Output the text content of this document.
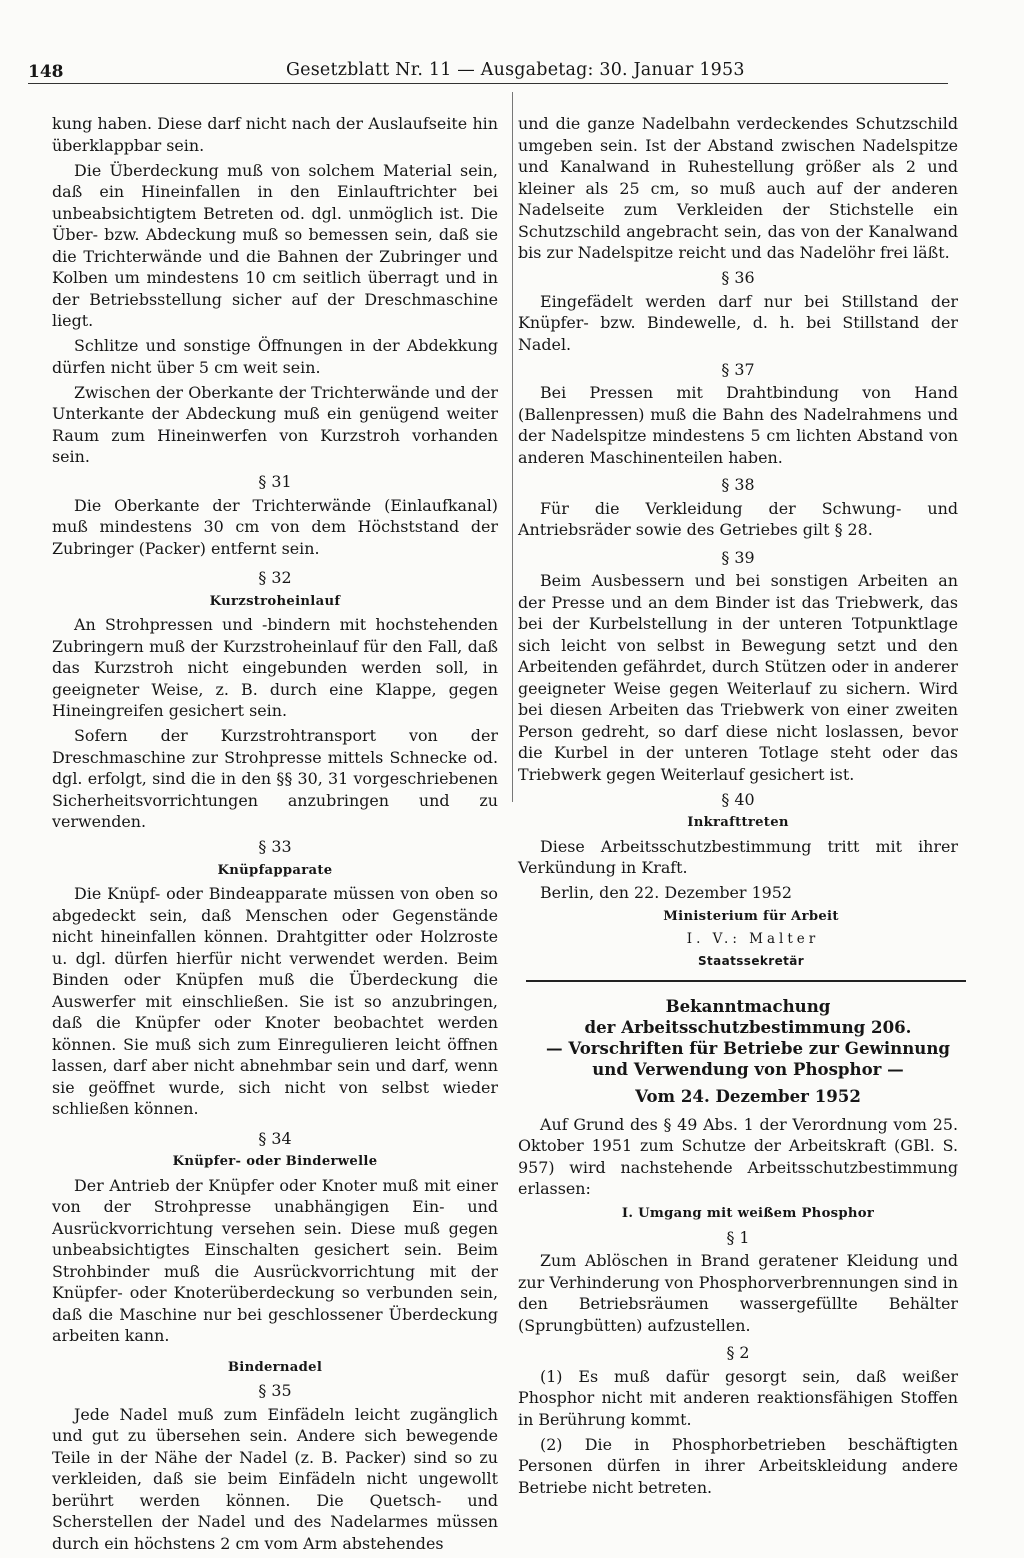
148	Gesetzblatt Nr. 11 — Ausgabetag: 30. Januar 1953

kung haben. Diese darf nicht nach der Auslaufseite hin überklappbar sein.

Die Überdeckung muß von solchem Material sein, daß ein Hineinfallen in den Einlauftrichter bei unbeabsichtigtem Betreten od. dgl. unmöglich ist. Die Über- bzw. Abdeckung muß so bemessen sein, daß sie die Trichterwände und die Bahnen der Zubringer und Kolben um mindestens 10 cm seitlich überragt und in der Betriebsstellung sicher auf der Dreschmaschine liegt.

Schlitze und sonstige Öffnungen in der Abdekkung dürfen nicht über 5 cm weit sein.

Zwischen der Oberkante der Trichterwände und der Unterkante der Abdeckung muß ein genügend weiter Raum zum Hineinwerfen von Kurzstroh vorhanden sein.

§ 31

Die Oberkante der Trichterwände (Einlaufkanal) muß mindestens 30 cm von dem Höchststand der Zubringer (Packer) entfernt sein.

§ 32
Kurzstroheinlauf

An Strohpressen und -bindern mit hochstehenden Zubringern muß der Kurzstroheinlauf für den Fall, daß das Kurzstroh nicht eingebunden werden soll, in geeigneter Weise, z. B. durch eine Klappe, gegen Hineingreifen gesichert sein.

Sofern der Kurzstrohtransport von der Dreschmaschine zur Strohpresse mittels Schnecke od. dgl. erfolgt, sind die in den §§ 30, 31 vorgeschriebenen Sicherheitsvorrichtungen anzubringen und zu verwenden.

§ 33
Knüpfapparate

Die Knüpf- oder Bindeapparate müssen von oben so abgedeckt sein, daß Menschen oder Gegenstände nicht hineinfallen können. Drahtgitter oder Holzroste u. dgl. dürfen hierfür nicht verwendet werden. Beim Binden oder Knüpfen muß die Überdeckung die Auswerfer mit einschließen. Sie ist so anzubringen, daß die Knüpfer oder Knoter beobachtet werden können. Sie muß sich zum Einregulieren leicht öffnen lassen, darf aber nicht abnehmbar sein und darf, wenn sie geöffnet wurde, sich nicht von selbst wieder schließen können.

§ 34
Knüpfer- oder Binderwelle

Der Antrieb der Knüpfer oder Knoter muß mit einer von der Strohpresse unabhängigen Ein- und Ausrückvorrichtung versehen sein. Diese muß gegen unbeabsichtigtes Einschalten gesichert sein. Beim Strohbinder muß die Ausrückvorrichtung mit der Knüpfer- oder Knoterüberdeckung so verbunden sein, daß die Maschine nur bei geschlossener Überdeckung arbeiten kann.

Bindernadel
§ 35

Jede Nadel muß zum Einfädeln leicht zugänglich und gut zu übersehen sein. Andere sich bewegende Teile in der Nähe der Nadel (z. B. Packer) sind so zu verkleiden, daß sie beim Einfädeln nicht ungewollt berührt werden können. Die Quetsch- und Scherstellen der Nadel und des Nadelarmes müssen durch ein höchstens 2 cm vom Arm abstehendes

und die ganze Nadelbahn verdeckendes Schutzschild umgeben sein. Ist der Abstand zwischen Nadelspitze und Kanalwand in Ruhestellung größer als 2 und kleiner als 25 cm, so muß auch auf der anderen Nadelseite zum Verkleiden der Stichstelle ein Schutzschild angebracht sein, das von der Kanalwand bis zur Nadelspitze reicht und das Nadelöhr frei läßt.

§ 36

Eingefädelt werden darf nur bei Stillstand der Knüpfer- bzw. Bindewelle, d. h. bei Stillstand der Nadel.

§ 37

Bei Pressen mit Drahtbindung von Hand (Ballenpressen) muß die Bahn des Nadelrahmens und der Nadelspitze mindestens 5 cm lichten Abstand von anderen Maschinenteilen haben.

§ 38

Für die Verkleidung der Schwung- und Antriebsräder sowie des Getriebes gilt § 28.

§ 39

Beim Ausbessern und bei sonstigen Arbeiten an der Presse und an dem Binder ist das Triebwerk, das bei der Kurbelstellung in der unteren Totpunktlage sich leicht von selbst in Bewegung setzt und den Arbeitenden gefährdet, durch Stützen oder in anderer geeigneter Weise gegen Weiterlauf zu sichern. Wird bei diesen Arbeiten das Triebwerk von einer zweiten Person gedreht, so darf diese nicht loslassen, bevor die Kurbel in der unteren Totlage steht oder das Triebwerk gegen Weiterlauf gesichert ist.

§ 40
Inkrafttreten

Diese Arbeitsschutzbestimmung tritt mit ihrer Verkündung in Kraft.

Berlin, den 22. Dezember 1952
Ministerium für Arbeit
I. V.: Malter
Staatssekretär
Bekanntmachung
der Arbeitsschutzbestimmung 206.
— Vorschriften für Betriebe zur Gewinnung
und Verwendung von Phosphor —
Vom 24. Dezember 1952

Auf Grund des § 49 Abs. 1 der Verordnung vom 25. Oktober 1951 zum Schutze der Arbeitskraft (GBl. S. 957) wird nachstehende Arbeitsschutzbestimmung erlassen:

I. Umgang mit weißem Phosphor
§ 1

Zum Ablöschen in Brand geratener Kleidung und zur Verhinderung von Phosphorverbrennungen sind in den Betriebsräumen wassergefüllte Behälter (Sprungbütten) aufzustellen.

§ 2

(1) Es muß dafür gesorgt sein, daß weißer Phosphor nicht mit anderen reaktionsfähigen Stoffen in Berührung kommt.

(2) Die in Phosphorbetrieben beschäftigten Personen dürfen in ihrer Arbeitskleidung andere Betriebe nicht betreten.
